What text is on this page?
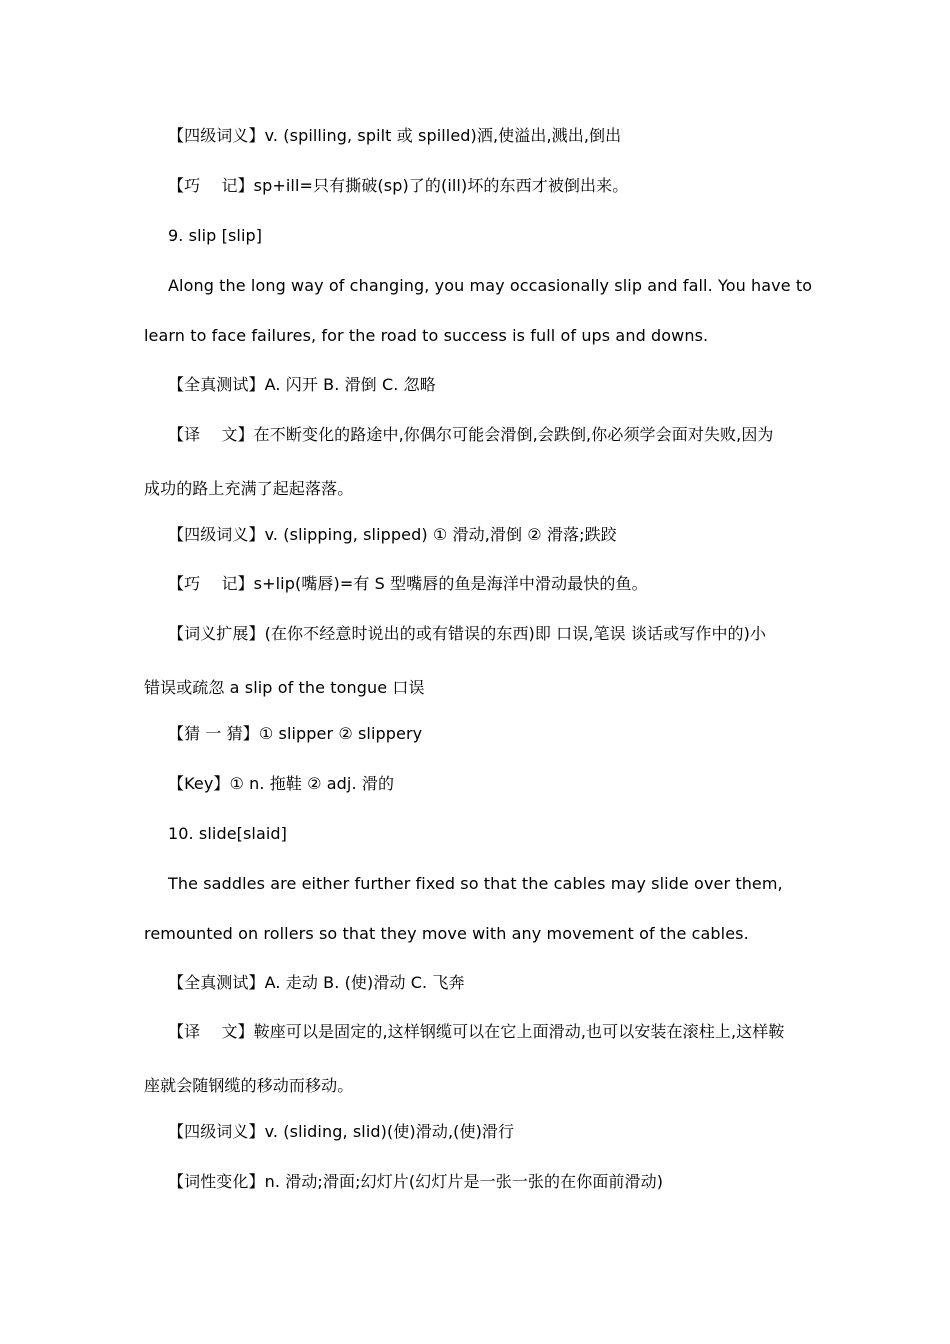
【四级词义】v. (spilling, spilt 或 spilled)洒,使溢出,溅出,倒出
【巧　 记】sp+ill=只有撕破(sp)了的(ill)坏的东西才被倒出来。
9. slip [slip]
Along the long way of changing, you may occasionally slip and fall. You have to
learn to face failures, for the road to success is full of ups and downs.
【全真测试】A. 闪开 B. 滑倒 C. 忽略
【译　 文】在不断变化的路途中,你偶尔可能会滑倒,会跌倒,你必须学会面对失败,因为
成功的路上充满了起起落落。
【四级词义】v. (slipping, slipped) ① 滑动,滑倒 ② 滑落;跌跤
【巧　 记】s+lip(嘴唇)=有 S 型嘴唇的鱼是海洋中滑动最快的鱼。
【词义扩展】(在你不经意时说出的或有错误的东西)即 口误,笔误 谈话或写作中的)小
错误或疏忽 a slip of the tongue 口误
【猜 一 猜】① slipper ② slippery
【Key】① n. 拖鞋 ② adj. 滑的
10. slide[slaid]
The saddles are either further fixed so that the cables may slide over them,
remounted on rollers so that they move with any movement of the cables.
【全真测试】A. 走动 B. (使)滑动 C. 飞奔
【译　 文】鞍座可以是固定的,这样钢缆可以在它上面滑动,也可以安装在滚柱上,这样鞍
座就会随钢缆的移动而移动。
【四级词义】v. (sliding, slid)(使)滑动,(使)滑行
【词性变化】n. 滑动;滑面;幻灯片(幻灯片是一张一张的在你面前滑动)
